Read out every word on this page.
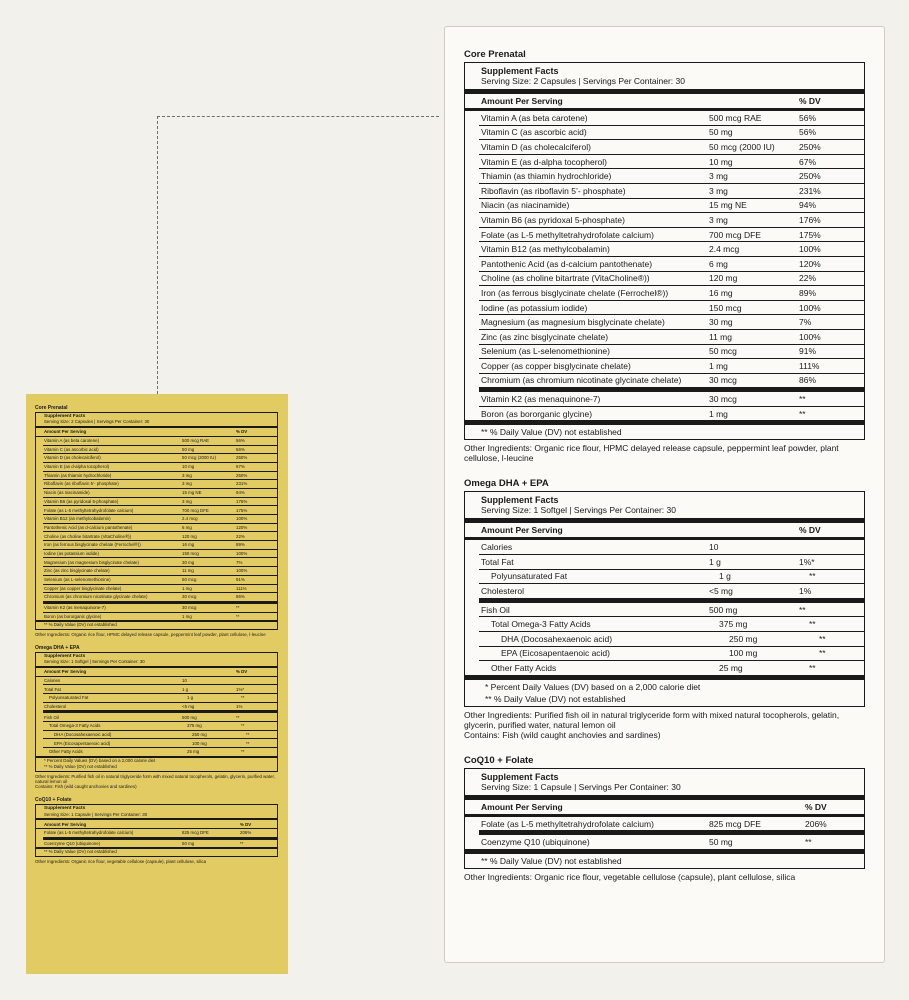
Core Prenatal
Supplement Facts
Serving Size: 2 Capsules | Servings Per Container: 30
Amount Per Serving	% DV
Vitamin A (as beta carotene)	500 mcg RAE	56%
Vitamin C (as ascorbic acid)	50 mg	56%
Vitamin D (as cholecalciferol)	50 mcg (2000 IU)	250%
Vitamin E (as d-alpha tocopherol)	10 mg	67%
Thiamin (as thiamin hydrochloride)	3 mg	250%
Riboflavin (as riboflavin 5’- phosphate)	3 mg	231%
Niacin (as niacinamide)	15 mg NE	94%
Vitamin B6 (as pyridoxal 5-phosphate)	3 mg	176%
Folate (as L-5 methyltetrahydrofolate calcium)	700 mcg DFE	175%
Vitamin B12 (as methylcobalamin)	2.4 mcg	100%
Pantothenic Acid (as d-calcium pantothenate)	6 mg	120%
Choline (as choline bitartrate (VitaCholine®))	120 mg	22%
Iron (as ferrous bisglycinate chelate (Ferrochel®))	16 mg	89%
Iodine (as potassium iodide)	150 mcg	100%
Magnesium (as magnesium bisglycinate chelate)	30 mg	7%
Zinc (as zinc bisglycinate chelate)	11 mg	100%
Selenium (as L-selenomethionine)	50 mcg	91%
Copper (as copper bisglycinate chelate)	1 mg	111%
Chromium (as chromium nicotinate glycinate chelate)	30 mcg	86%
Vitamin K2 (as menaquinone-7)	30 mcg	**
Boron (as bororganic glycine)	1 mg	**
** % Daily Value (DV) not established
Other Ingredients: Organic rice flour, HPMC delayed release capsule, peppermint leaf powder, plant cellulose, l-leucine
Omega DHA + EPA
Supplement Facts
Serving Size: 1 Softgel | Servings Per Container: 30
Amount Per Serving	% DV
Calories	10
Total Fat	1 g	1%*
Polyunsaturated Fat	1 g	**
Cholesterol	<5 mg	1%
Fish Oil	500 mg	**
Total Omega-3 Fatty Acids	375 mg	**
DHA (Docosahexaenoic acid)	250 mg	**
EPA (Eicosapentaenoic acid)	100 mg	**
Other Fatty Acids	25 mg	**
* Percent Daily Values (DV) based on a 2,000 calorie diet
** % Daily Value (DV) not established
Other Ingredients: Purified fish oil in natural triglyceride form with mixed natural tocopherols, gelatin, glycerin, purified water, natural lemon oil
Contains: Fish (wild caught anchovies and sardines)
CoQ10 + Folate
Supplement Facts
Serving Size: 1 Capsule | Servings Per Container: 30
Amount Per Serving	% DV
Folate (as L-5 methyltetrahydrofolate calcium)	825 mcg DFE	206%
Coenzyme Q10 (ubiquinone)	50 mg	**
** % Daily Value (DV) not established
Other Ingredients: Organic rice flour, vegetable cellulose (capsule), plant cellulose, silica
Core Prenatal
Supplement Facts
Serving Size: 2 Capsules | Servings Per Container: 30
Amount Per Serving	% DV
Vitamin A (as beta carotene)	500 mcg RAE	56%
Vitamin C (as ascorbic acid)	50 mg	56%
Vitamin D (as cholecalciferol)	50 mcg (2000 IU)	250%
Vitamin E (as d-alpha tocopherol)	10 mg	67%
Thiamin (as thiamin hydrochloride)	3 mg	250%
Riboflavin (as riboflavin 5’- phosphate)	3 mg	231%
Niacin (as niacinamide)	15 mg NE	94%
Vitamin B6 (as pyridoxal 5-phosphate)	3 mg	176%
Folate (as L-5 methyltetrahydrofolate calcium)	700 mcg DFE	175%
Vitamin B12 (as methylcobalamin)	2.4 mcg	100%
Pantothenic Acid (as d-calcium pantothenate)	6 mg	120%
Choline (as choline bitartrate (VitaCholine®))	120 mg	22%
Iron (as ferrous bisglycinate chelate (Ferrochel®))	16 mg	89%
Iodine (as potassium iodide)	150 mcg	100%
Magnesium (as magnesium bisglycinate chelate)	30 mg	7%
Zinc (as zinc bisglycinate chelate)	11 mg	100%
Selenium (as L-selenomethionine)	50 mcg	91%
Copper (as copper bisglycinate chelate)	1 mg	111%
Chromium (as chromium nicotinate glycinate chelate)	30 mcg	86%
Vitamin K2 (as menaquinone-7)	30 mcg	**
Boron (as bororganic glycine)	1 mg	**
** % Daily Value (DV) not established
Other Ingredients: Organic rice flour, HPMC delayed release capsule, peppermint leaf powder, plant cellulose, l-leucine
Omega DHA + EPA
Supplement Facts
Serving Size: 1 Softgel | Servings Per Container: 30
Amount Per Serving	% DV
Calories	10
Total Fat	1 g	1%*
Polyunsaturated Fat	1 g	**
Cholesterol	<5 mg	1%
Fish Oil	500 mg	**
Total Omega-3 Fatty Acids	375 mg	**
DHA (Docosahexaenoic acid)	250 mg	**
EPA (Eicosapentaenoic acid)	100 mg	**
Other Fatty Acids	25 mg	**
* Percent Daily Values (DV) based on a 2,000 calorie diet
** % Daily Value (DV) not established
Other Ingredients: Purified fish oil in natural triglyceride form with mixed natural tocopherols, gelatin, glycerin, purified water, natural lemon oil
Contains: Fish (wild caught anchovies and sardines)
CoQ10 + Folate
Supplement Facts
Serving Size: 1 Capsule | Servings Per Container: 30
Amount Per Serving	% DV
Folate (as L-5 methyltetrahydrofolate calcium)	825 mcg DFE	206%
Coenzyme Q10 (ubiquinone)	50 mg	**
** % Daily Value (DV) not established
Other Ingredients: Organic rice flour, vegetable cellulose (capsule), plant cellulose, silica
